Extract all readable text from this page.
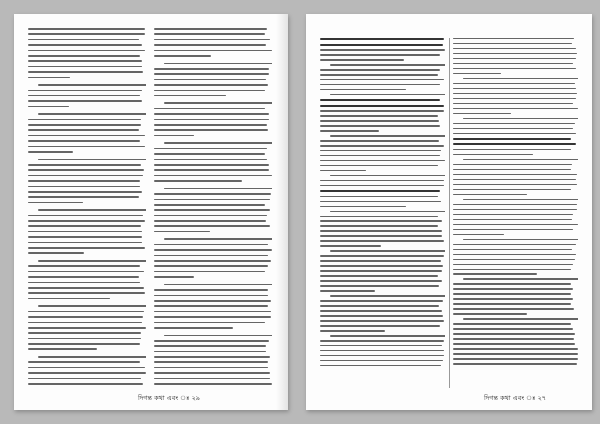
দিগন্ত কথা এবং ঃ ২৯	দিগন্ত কথা এবং ঃ ২৭
